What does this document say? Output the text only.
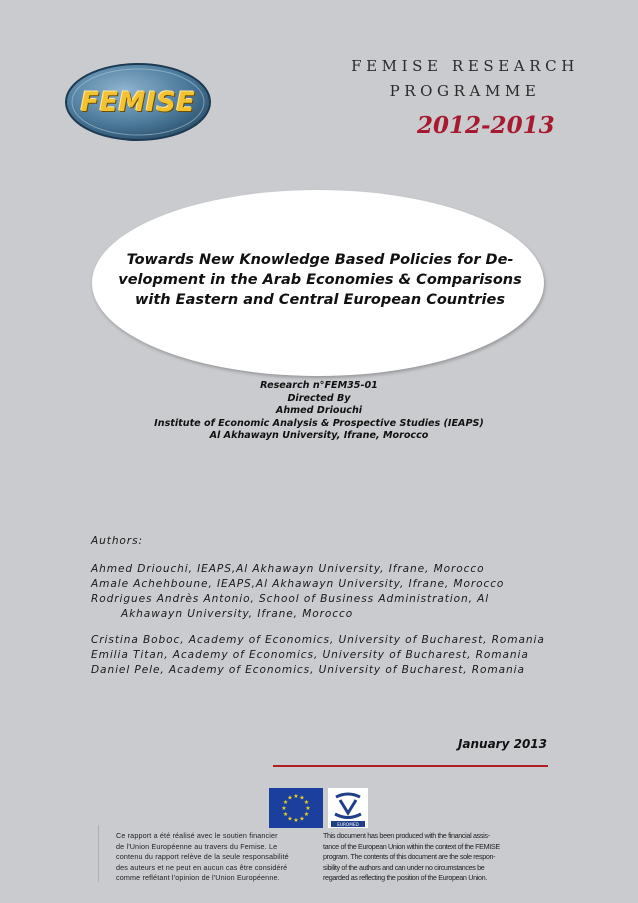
FEMISE
FEMISE RESEARCH
PROGRAMME
2012-2013
Towards New Knowledge Based Policies for De-
velopment in the Arab Economies & Comparisons
with Eastern and Central European Countries
Research n°FEM35-01
Directed By
Ahmed Driouchi
Institute of Economic Analysis & Prospective Studies (IEAPS)
Al Akhawayn University, Ifrane, Morocco
Authors:
Ahmed Driouchi, IEAPS,Al Akhawayn University, Ifrane, Morocco
Amale Achehboune, IEAPS,Al Akhawayn University, Ifrane, Morocco
Rodrigues Andrès Antonio, School of Business Administration, Al
Akhawayn University, Ifrane, Morocco
Cristina Boboc, Academy of Economics, University of Bucharest, Romania
Emilia Titan, Academy of Economics, University of Bucharest, Romania
Daniel Pele, Academy of Economics, University of Bucharest, Romania
January 2013
★ ★
★
★
★
★
★
★
★
★
★
★
EUROMED
Ce rapport a été réalisé avec le soutien financier
de l'Union Européenne au travers du Femise. Le
contenu du rapport relève de la seule responsabilité
des auteurs et ne peut en aucun cas être considéré
comme reflétant l'opinion de l'Union Européenne.
This document has been produced with the financial assis-
tance of the European Union within the context of the FEMISE
program. The contents of this document are the sole respon-
sibility of the authors and can under no circumstances be
regarded as reflecting the position of the European Union.
